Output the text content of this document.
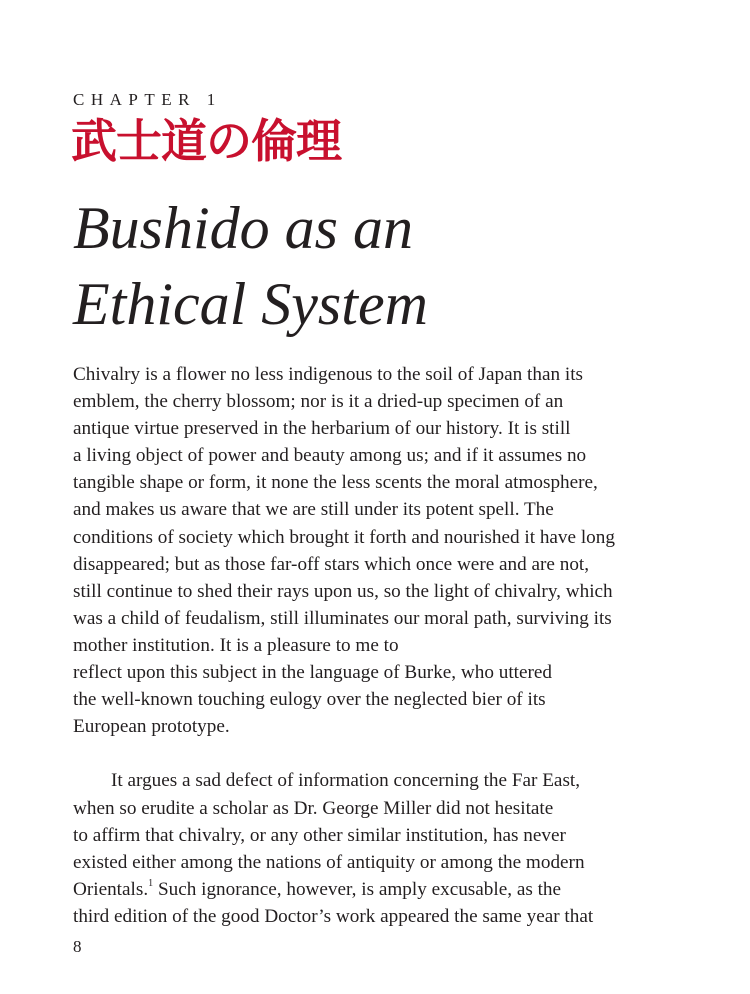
CHAPTER 1
武士道の倫理
Bushido as an
Ethical System
Chivalry is a flower no less indigenous to the soil of Japan than its
emblem, the cherry blossom; nor is it a dried-up specimen of an
antique virtue preserved in the herbarium of our history. It is still
a living object of power and beauty among us; and if it assumes no
tangible shape or form, it none the less scents the moral atmosphere,
and makes us aware that we are still under its potent spell. The
conditions of society which brought it forth and nourished it have long
disappeared; but as those far-off stars which once were and are not,
still continue to shed their rays upon us, so the light of chivalry, which
was a child of feudalism, still illuminates our moral path, surviving its
mother institution. It is a pleasure to me to
reflect upon this subject in the language of Burke, who uttered
the well-known touching eulogy over the neglected bier of its
European prototype.
It argues a sad defect of information concerning the Far East,
when so erudite a scholar as Dr. George Miller did not hesitate
to affirm that chivalry, or any other similar institution, has never
existed either among the nations of antiquity or among the modern
Orientals.$^1$ Such ignorance, however, is amply excusable, as the
third edition of the good Doctor’s work appeared the same year that
8
